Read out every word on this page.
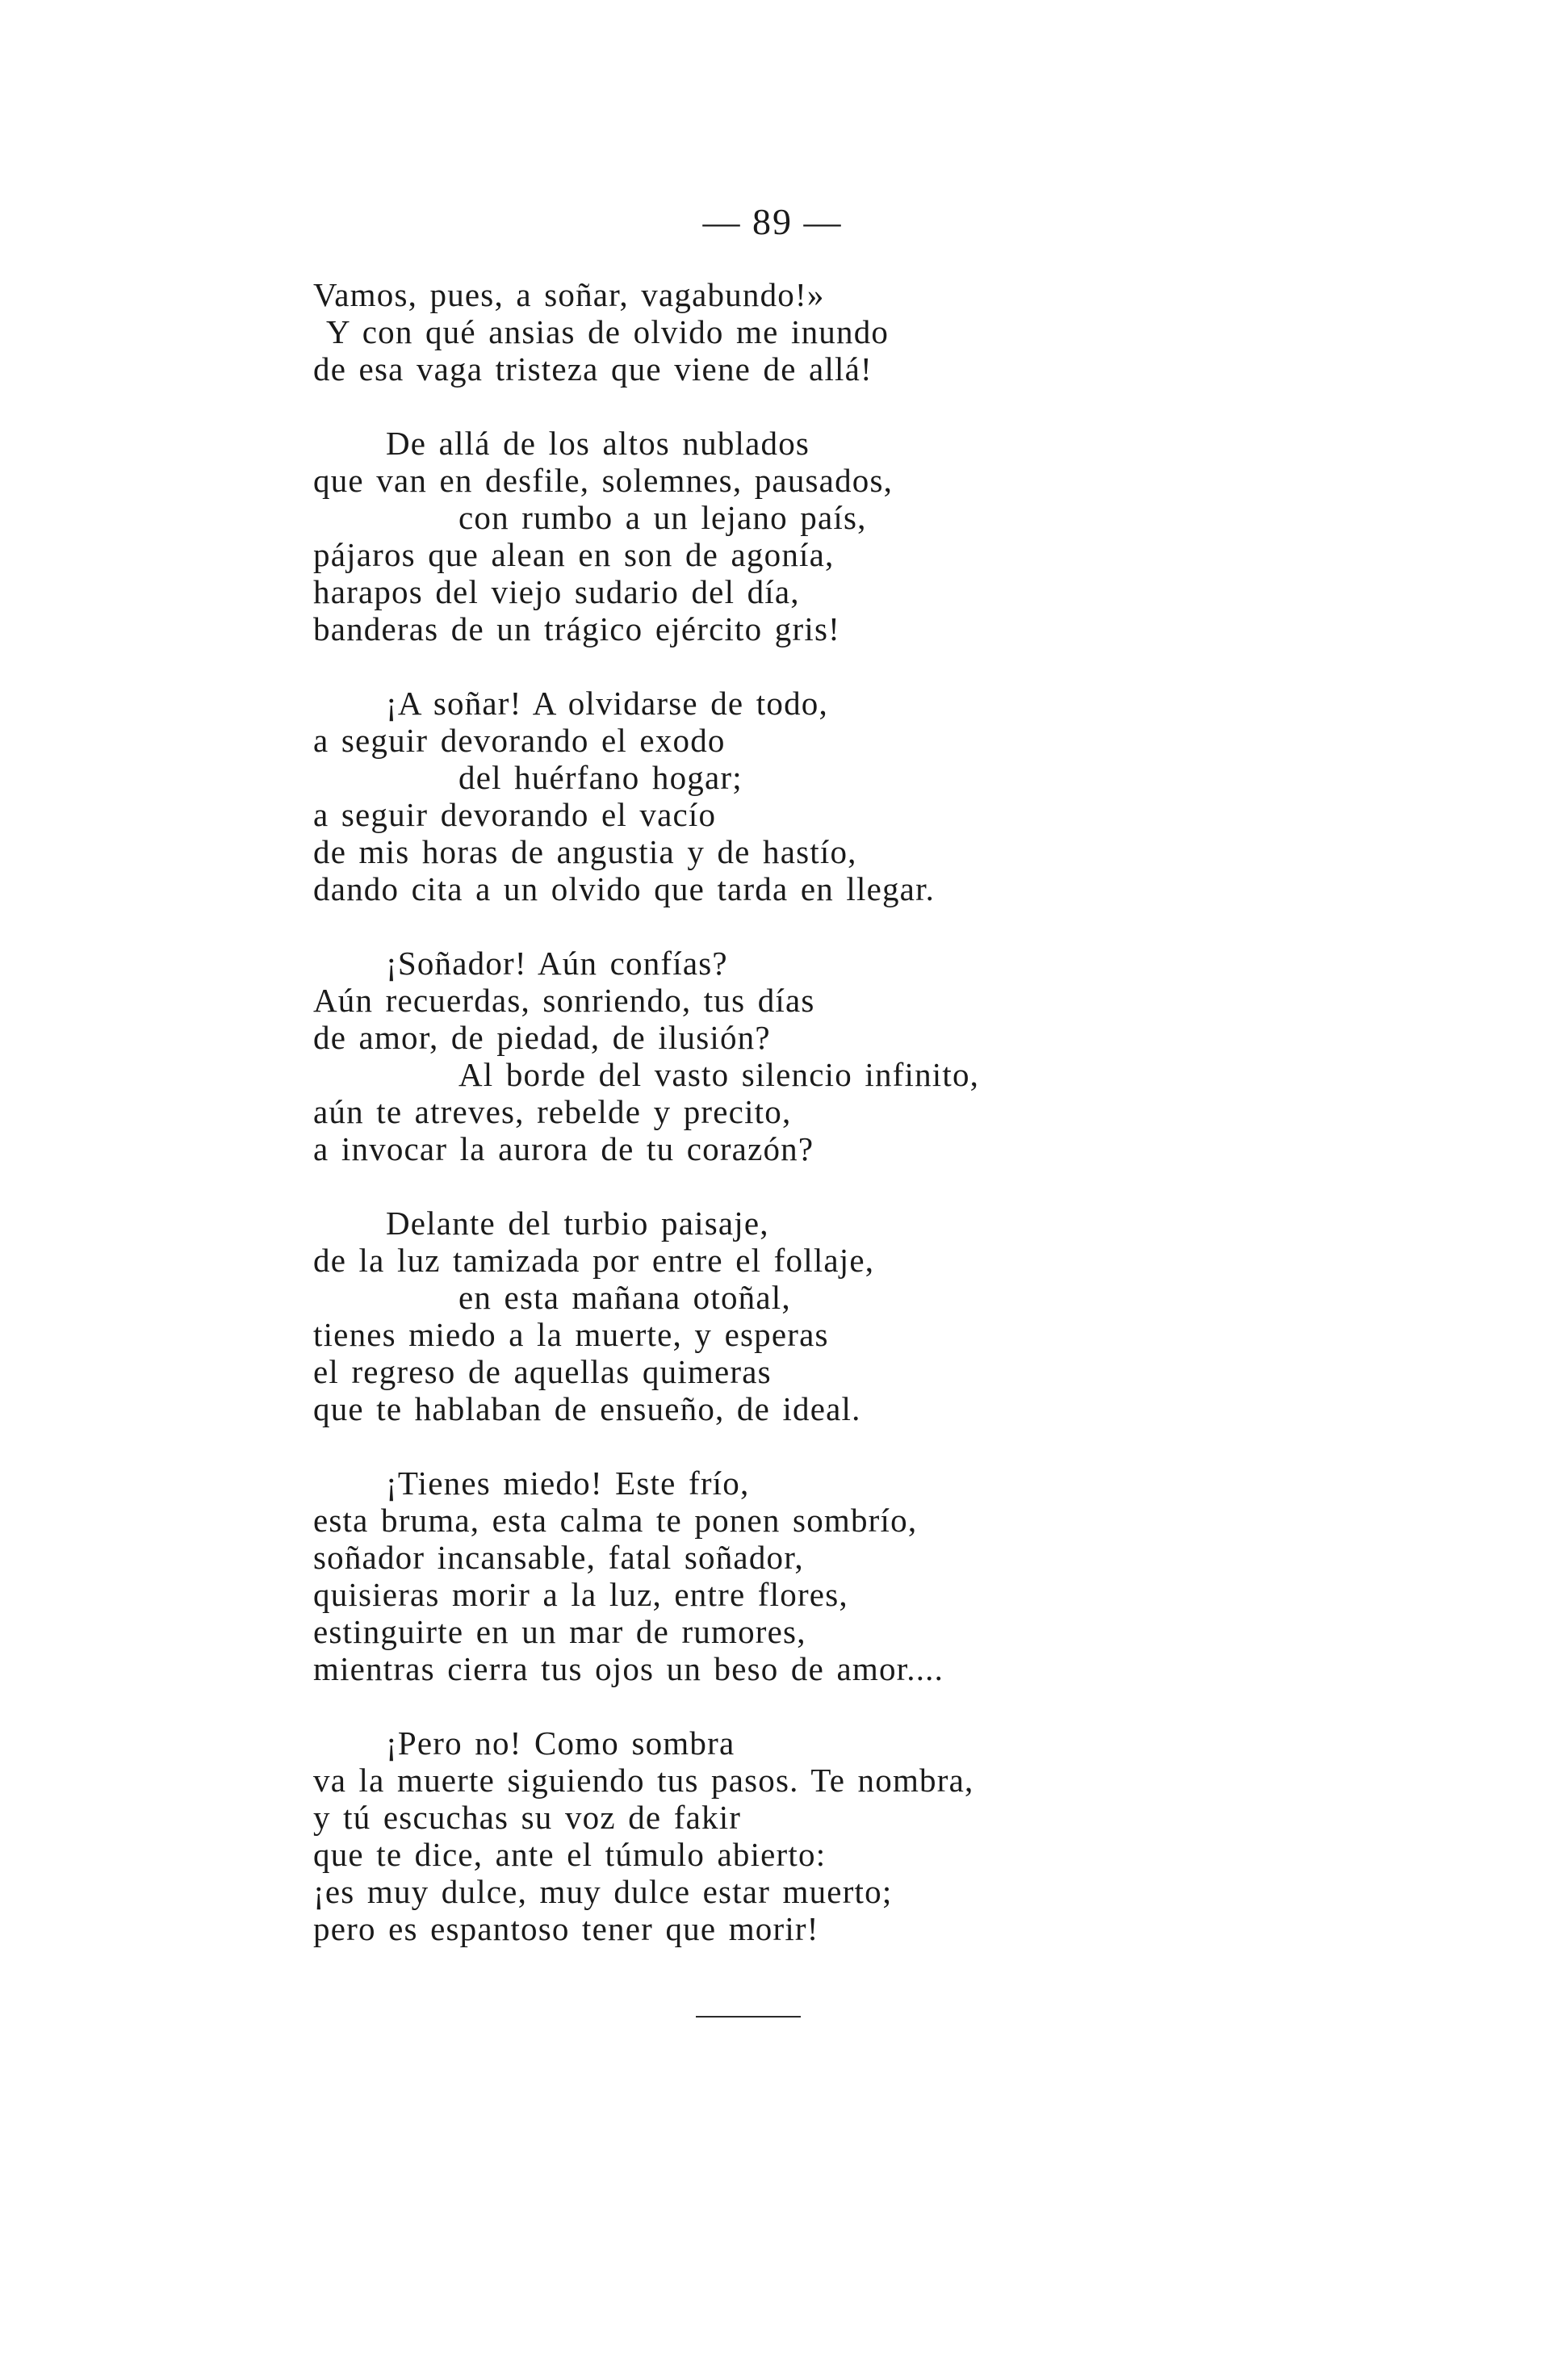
— 89 —
Vamos, pues, a soñar, vagabundo!»
Y con qué ansias de olvido me inundo
de esa vaga tristeza que viene de allá!
De allá de los altos nublados
que van en desfile, solemnes, pausados,
con rumbo a un lejano país,
pájaros que alean en son de agonía,
harapos del viejo sudario del día,
banderas de un trágico ejército gris!
¡A soñar! A olvidarse de todo,
a seguir devorando el exodo
del huérfano hogar;
a seguir devorando el vacío
de mis horas de angustia y de hastío,
dando cita a un olvido que tarda en llegar.
¡Soñador! Aún confías?
Aún recuerdas, sonriendo, tus días
de amor, de piedad, de ilusión?
Al borde del vasto silencio infinito,
aún te atreves, rebelde y precito,
a invocar la aurora de tu corazón?
Delante del turbio paisaje,
de la luz tamizada por entre el follaje,
en esta mañana otoñal,
tienes miedo a la muerte, y esperas
el regreso de aquellas quimeras
que te hablaban de ensueño, de ideal.
¡Tienes miedo! Este frío,
esta bruma, esta calma te ponen sombrío,
soñador incansable, fatal soñador,
quisieras morir a la luz, entre flores,
estinguirte en un mar de rumores,
mientras cierra tus ojos un beso de amor....
¡Pero no! Como sombra
va la muerte siguiendo tus pasos. Te nombra,
y tú escuchas su voz de fakir
que te dice, ante el túmulo abierto:
¡es muy dulce, muy dulce estar muerto;
pero es espantoso tener que morir!
